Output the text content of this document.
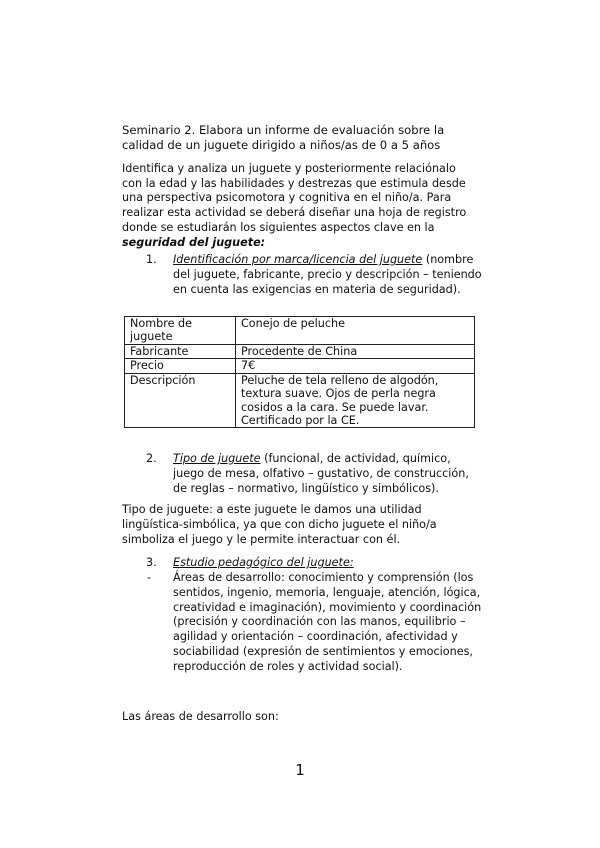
Seminario 2. Elabora un informe de evaluación sobre la calidad de un juguete dirigido a niños/as de 0 a 5 años
Identifica y analiza un juguete y posteriormente relaciónalo con la edad y las habilidades y destrezas que estimula desde una perspectiva psicomotora y cognitiva en el niño/a. Para realizar esta actividad se deberá diseñar una hoja de registro donde se estudiarán los siguientes aspectos clave en la seguridad del juguete:
1. Identificación por marca/licencia del juguete (nombre del juguete, fabricante, precio y descripción – teniendo en cuenta las exigencias en materia de seguridad).
Nombre de juguete	Conejo de peluche
Fabricante	Procedente de China
Precio	7€
Descripción	Peluche de tela relleno de algodón, textura suave. Ojos de perla negra cosidos a la cara. Se puede lavar. Certificado por la CE.
2. Tipo de juguete (funcional, de actividad, químico, juego de mesa, olfativo – gustativo, de construcción, de reglas – normativo, lingüístico y simbólicos).
Tipo de juguete: a este juguete le damos una utilidad lingüística-simbólica, ya que con dicho juguete el niño/a simboliza el juego y le permite interactuar con él.
3. Estudio pedagógico del juguete:
- Áreas de desarrollo: conocimiento y comprensión (los sentidos, ingenio, memoria, lenguaje, atención, lógica, creatividad e imaginación), movimiento y coordinación (precisión y coordinación con las manos, equilibrio – agilidad y orientación – coordinación, afectividad y sociabilidad (expresión de sentimientos y emociones, reproducción de roles y actividad social).
Las áreas de desarrollo son:
1
